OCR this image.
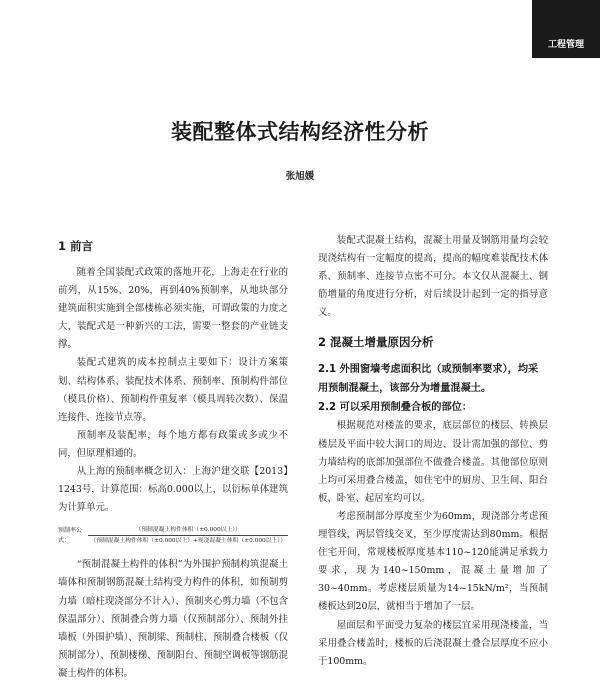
工程管理
装配整体式结构经济性分析
张旭媛
1 前言

随着全国装配式政策的落地开花，上海走在行业的前列，从15%、20%，再到40%预制率，从地块部分建筑面积实施到全部楼栋必须实施，可谓政策的力度之大，装配式是一种新兴的工法，需要一整套的产业链支撑。

装配式建筑的成本控制点主要如下：设计方案策划、结构体系、装配技术体系、预制率、预制构件部位（模具价格）、预制构件重复率（模具周转次数）、保温连接件、连接节点等。

预制率及装配率，每个地方都有政策或多或少不同，但原理相通的。

从上海的预制率概念切入：上海沪建交联【2013】1243号，计算范围：标高0.000以上，以衍标单体建筑为计算单元。

预制率公式：
（预制混凝土构件体积（±0.000以上））
（预制混凝土构件体积（±0.000以上）+现浇混凝土体积（±0.000以上））

“预制混凝土构件的体积”为外围护预制构筑混凝土墙体和预制钢筋混凝土结构受力构件的体积，如预制剪力墙（暗柱现浇部分不计入）、预制夹心剪力墙（不包含保温部分）、预制叠合剪力墙（仅预制部分）、预制外挂墙板（外围护墙）、预制梁、预制柱、预制叠合楼板（仅预制部分）、预制楼梯、预制阳台、预制空调板等钢筋混凝土构件的体积。

装配式混凝土结构，混凝土用量及钢筋用量均会较现浇结构有一定幅度的提高，提高的幅度难装配技术体系、预制率、连接节点密不可分。本文仅从混凝土、钢筋增量的角度进行分析，对后续设计起到一定的指导意义。

2 混凝土增量原因分析
2.1 外围窗墙考虑面积比（或预制率要求），均采用预制混凝土，该部分为增量混凝土。
2.2 可以采用预制叠合板的部位：

根据规范对楼盖的要求，底层部位的楼层、转换层楼层及平面中较大洞口的周边、设计需加强的部位、剪力墙结构的底部加强部位不做叠合楼盖。其他部位原则上均可采用叠合楼盖，如住宅中的厨房、卫生间、阳台板、卧室、起居室均可以。

考虑预制部分厚度至少为60mm，现浇部分考虑预埋管线，两层管线交叉，至少厚度需达到80mm。根据住宅开间，常规楼板厚度基本110~120能满足承载力要求，现为140~150mm，混凝土量增加了30~40mm。考虑楼层质量为14~15kN/m²，当预制楼板达到20层，就相当于增加了一层。

屋面层和平面受力复杂的楼层宜采用现浇楼盖，当采用叠合楼盖时，楼板的后浇混凝土叠合层厚度不应小于100mm。
